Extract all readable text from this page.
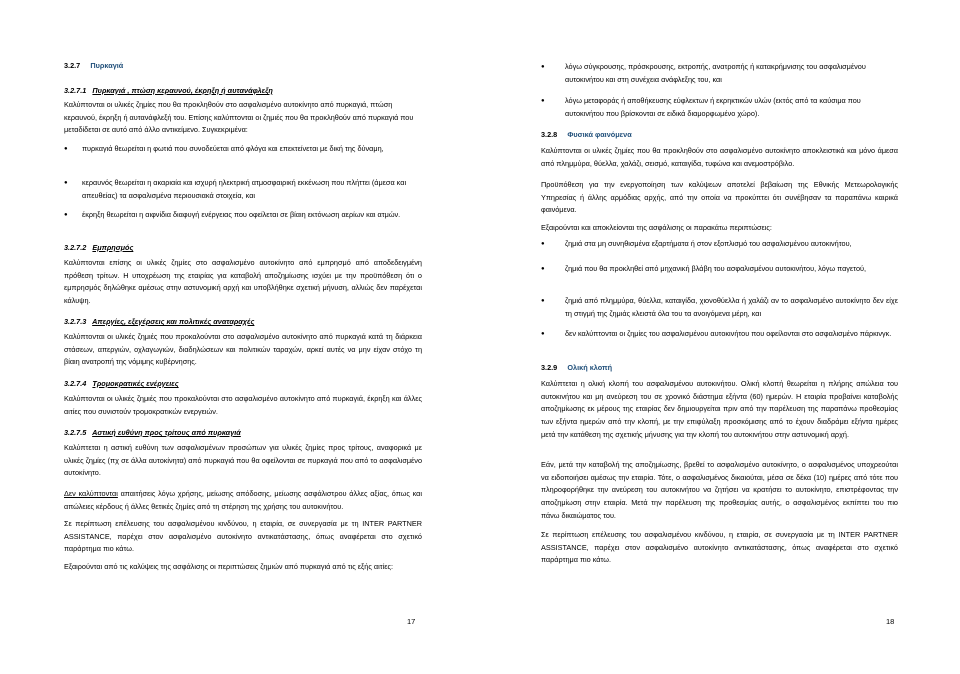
3.2.7 Πυρκαγιά
3.2.7.1 Πυρκαγιά , πτώση κεραυνού, έκρηξη ή αυτανάφλεξη

Καλύπτονται οι υλικές ζημίες που θα προκληθούν στο ασφαλισμένο αυτοκίνητο από πυρκαγιά, πτώση κεραυνού, έκρηξη ή αυτανάφλεξή του. Επίσης καλύπτονται οι ζημιές που θα προκληθούν από πυρκαγιά που μεταδίδεται σε αυτό από άλλο αντικείμενο. Συγκεκριμένα:

● πυρκαγιά θεωρείται η φωτιά που συνοδεύεται από φλόγα και επεκτείνεται με δική της δύναμη,

● κεραυνός θεωρείται η ακαριαία και ισχυρή ηλεκτρική ατμοσφαιρική εκκένωση που πλήττει (άμεσα και απευθείας) τα ασφαλισμένα περιουσιακά στοιχεία, και

● έκρηξη θεωρείται η αιφνίδια διαφυγή ενέργειας που οφείλεται σε βίαιη εκτόνωση αερίων και ατμών.

3.2.7.2 Εμπρησμός

Καλύπτονται επίσης οι υλικές ζημίες στο ασφαλισμένο αυτοκίνητο από εμπρησμό από αποδεδειγμένη πρόθεση τρίτων. Η υποχρέωση της εταιρίας για καταβολή αποζημίωσης ισχύει με την προϋπόθεση ότι ο εμπρησμός δηλώθηκε αμέσως στην αστυνομική αρχή και υποβλήθηκε σχετική μήνυση, αλλιώς δεν παρέχεται κάλυψη.

3.2.7.3 Απεργίες, εξεγέρσεις και πολιτικές αναταραχές

Καλύπτονται οι υλικές ζημιές που προκαλούνται στο ασφαλισμένο αυτοκίνητο από πυρκαγιά κατά τη διάρκεια στάσεων, απεργιών, οχλαγωγιών, διαδηλώσεων και πολιτικών ταραχών, αρκεί αυτές να μην είχαν στόχο τη βίαιη ανατροπή της νόμιμης κυβέρνησης.

3.2.7.4 Τρομοκρατικές ενέργειες

Καλύπτονται οι υλικές ζημιές που προκαλούνται στο ασφαλισμένο αυτοκίνητο από πυρκαγιά, έκρηξη και άλλες αιτίες που συνιστούν τρομοκρατικών ενεργειών.

3.2.7.5 Αστική ευθύνη προς τρίτους από πυρκαγιά

Καλύπτεται η αστική ευθύνη των ασφαλισμένων προσώπων για υλικές ζημίες προς τρίτους, αναφορικά με υλικές ζημίες (πχ σε άλλα αυτοκίνητα) από πυρκαγιά που θα οφείλονται σε πυρκαγιά που από το ασφαλισμένο αυτοκίνητο.

Δεν καλύπτονται απαιτήσεις λόγω χρήσης, μείωσης απόδοσης, μείωσης ασφάλιστρου άλλες αξίας, όπως και απώλειες κέρδους ή άλλες θετικές ζημίες από τη στέρηση της χρήσης του αυτοκινήτου.

Σε περίπτωση επέλευσης του ασφαλισμένου κινδύνου, η εταιρία, σε συνεργασία με τη INTER PARTNER ASSISTANCE, παρέχει στον ασφαλισμένο αυτοκίνητο αντικατάστασης, όπως αναφέρεται στο σχετικό παράρτημα πιο κάτω.

Εξαιρούνται από τις καλύψεις της ασφάλισης οι περιπτώσεις ζημιών από πυρκαγιά από τις εξής αιτίες:

17
●	λόγω σύγκρουσης, πρόσκρουσης, εκτροπής, ανατροπής ή κατακρήμνισης του ασφαλισμένου αυτοκινήτου και στη συνέχεια ανάφλεξης του, και

●	λόγω μεταφοράς ή αποθήκευσης εύφλεκτων ή εκρηκτικών υλών (εκτός από τα καύσιμα που αυτοκινήτου που βρίσκονται σε ειδικά διαμορφωμένο χώρο).

3.2.8 Φυσικά φαινόμενα

Καλύπτονται οι υλικές ζημίες που θα προκληθούν στο ασφαλισμένο αυτοκίνητο αποκλειστικά και μόνο άμεσα από πλημμύρα, θύελλα, χαλάζι, σεισμό, καταιγίδα, τυφώνα και ανεμοστρόβιλο.

Προϋπόθεση για την ενεργοποίηση των καλύψεων αποτελεί βεβαίωση της Εθνικής Μετεωρολογικής Υπηρεσίας ή άλλης αρμόδιας αρχής, από την οποία να προκύπτει ότι συνέβησαν τα παραπάνω καιρικά φαινόμενα.

Εξαιρούνται και αποκλείονται της ασφάλισης οι παρακάτω περιπτώσεις:

●	ζημιά στα μη συνηθισμένα εξαρτήματα ή στον εξοπλισμό του ασφαλισμένου αυτοκινήτου,

●	ζημιά που θα προκληθεί από μηχανική βλάβη του ασφαλισμένου αυτοκινήτου, λόγω παγετού,

●	ζημιά από πλημμύρα, θύελλα, καταιγίδα, χιονοθύελλα ή χαλάζι αν το ασφαλισμένο αυτοκίνητο δεν είχε τη στιγμή της ζημιάς κλειστά όλα του τα ανοιγόμενα μέρη, και

●	δεν καλύπτονται οι ζημίες του ασφαλισμένου αυτοκινήτου που οφείλονται στο ασφαλισμένο πάρκινγκ.

3.2.9 Ολική κλοπή

Καλύπτεται η ολική κλοπή του ασφαλισμένου αυτοκινήτου. Ολική κλοπή θεωρείται η πλήρης απώλεια του αυτοκινήτου και μη ανεύρεση του σε χρονικό διάστημα εξήντα (60) ημερών. Η εταιρία προβαίνει καταβολής αποζημίωσης εκ μέρους της εταιρίας δεν δημιουργείται πριν από την παρέλευση της παραπάνω προθεσμίας των εξήντα ημερών από την κλοπή, με την επιφύλαξη προσκόμισης από το έχουν διαδράμει εξήντα ημέρες μετά την κατάθεση της σχετικής μήνυσης για την κλοπή του αυτοκινήτου στην αστυνομική αρχή.

Εάν, μετά την καταβολή της αποζημίωσης, βρεθεί το ασφαλισμένο αυτοκίνητο, ο ασφαλισμένος υποχρεούται να ειδοποιήσει αμέσως την εταιρία. Τότε, ο ασφαλισμένος δικαιούται, μέσα σε δέκα (10) ημέρες από τότε που πληροφορήθηκε την ανεύρεση του αυτοκινήτου να ζητήσει να κρατήσει το αυτοκίνητο, επιστρέφοντας την αποζημίωση στην εταιρία. Μετά την παρέλευση της προθεσμίας αυτής, ο ασφαλισμένος εκπίπτει του πιο πάνω δικαιώματος του.

Σε περίπτωση επέλευσης του ασφαλισμένου κινδύνου, η εταιρία, σε συνεργασία με τη INTER PARTNER ASSISTANCE, παρέχει στον ασφαλισμένο αυτοκίνητο αντικατάστασης, όπως αναφέρεται στο σχετικό παράρτημα πιο κάτω.

18
